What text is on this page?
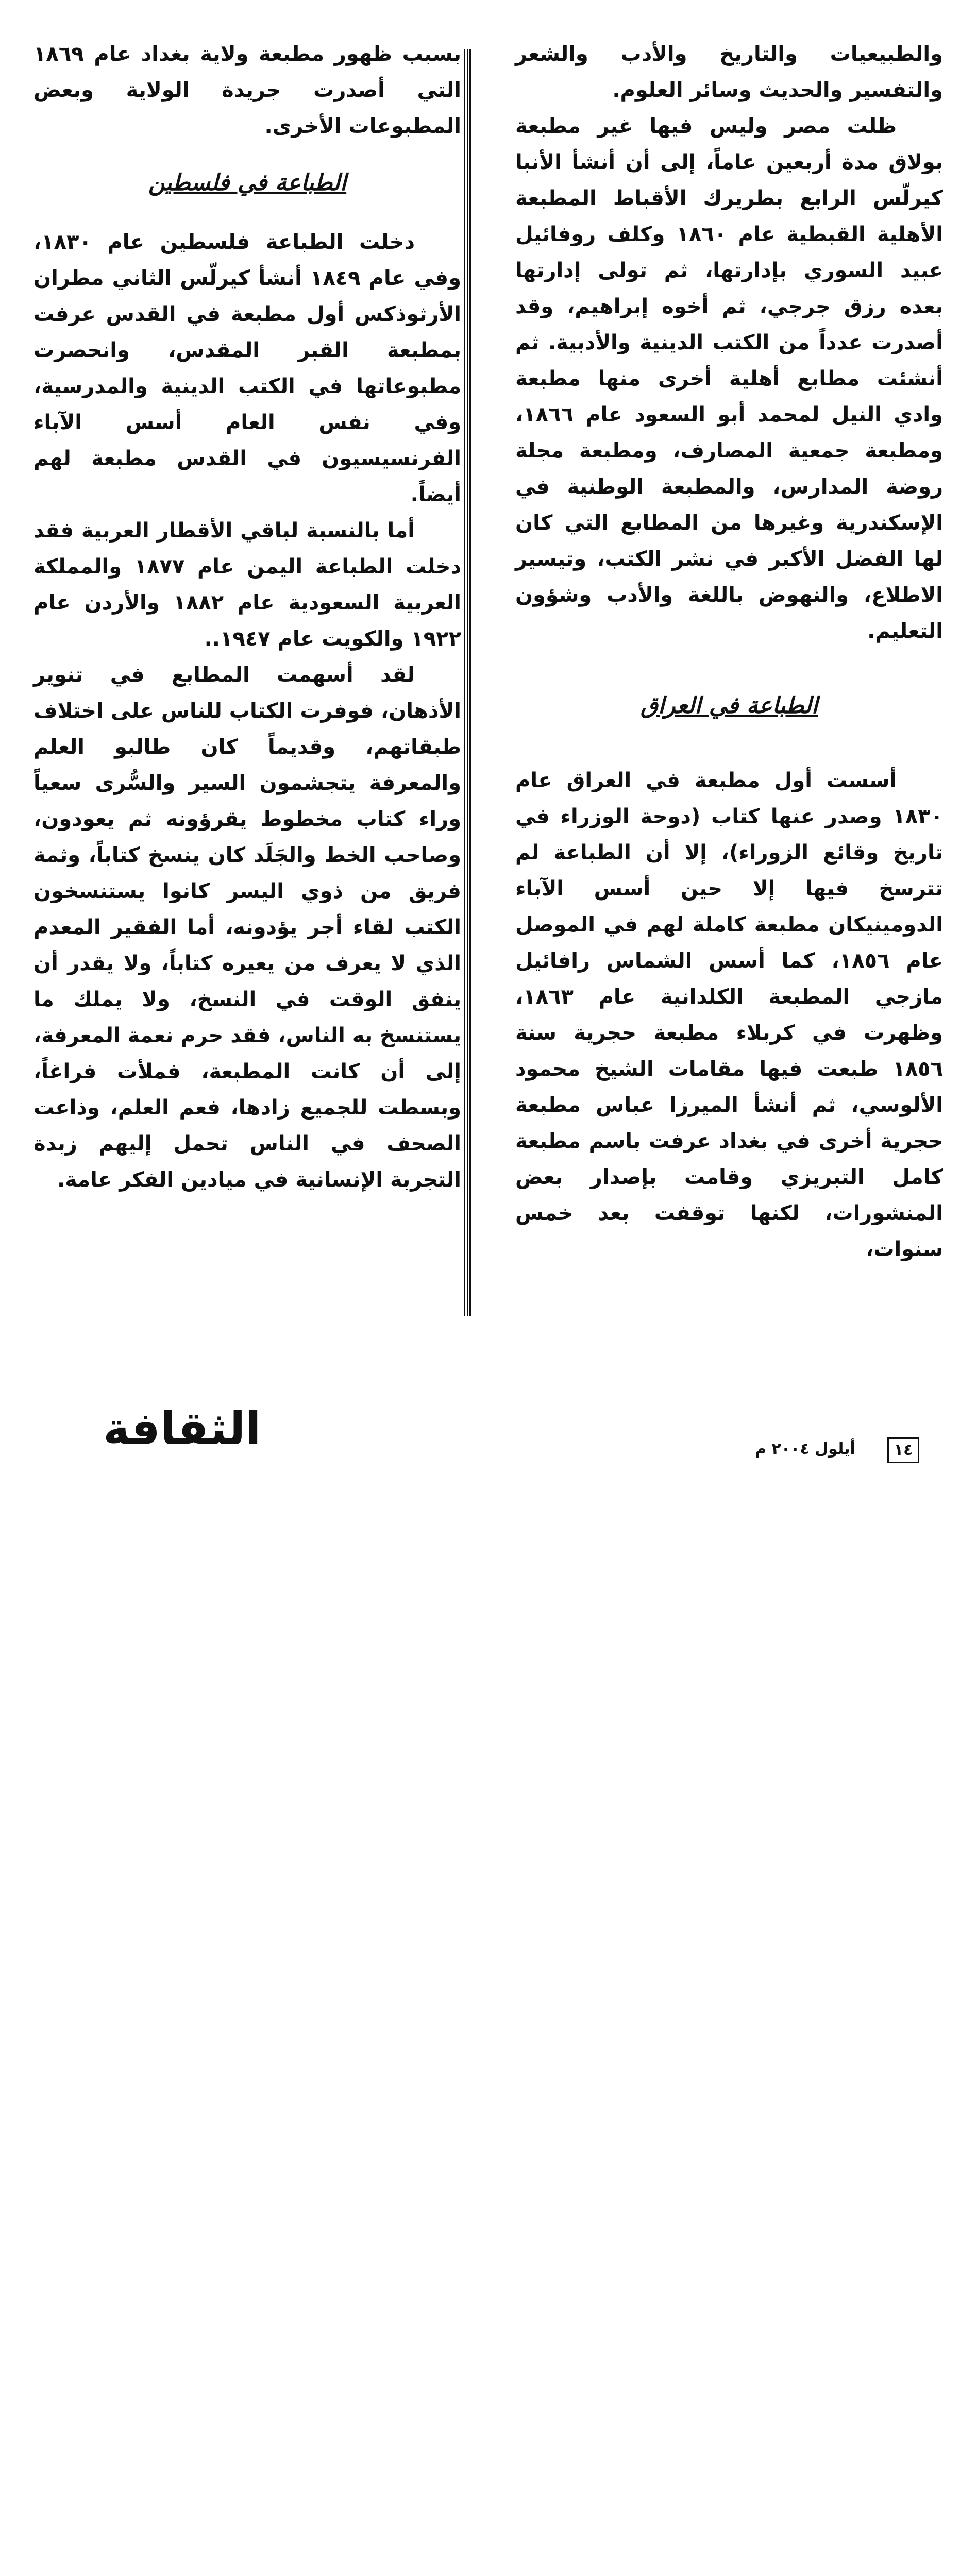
والطبيعيات والتاريخ والأدب والشعر والتفسير والحديث وسائر العلوم.

ظلت مصر وليس فيها غير مطبعة بولاق مدة أربعين عاماً، إلى أن أنشأ الأنبا كيرلّس الرابع بطريرك الأقباط المطبعة الأهلية القبطية عام ١٨٦٠ وكلف روفائيل عبيد السوري بإدارتها، ثم تولى إدارتها بعده رزق جرجي، ثم أخوه إبراهيم، وقد أصدرت عدداً من الكتب الدينية والأدبية. ثم أنشئت مطابع أهلية أخرى منها مطبعة وادي النيل لمحمد أبو السعود عام ١٨٦٦، ومطبعة جمعية المصارف، ومطبعة مجلة روضة المدارس، والمطبعة الوطنية في الإسكندرية وغيرها من المطابع التي كان لها الفضل الأكبر في نشر الكتب، وتيسير الاطلاع، والنهوض باللغة والأدب وشؤون التعليم.

الطباعة في العراق

أسست أول مطبعة في العراق عام ١٨٣٠ وصدر عنها كتاب (دوحة الوزراء في تاريخ وقائع الزوراء)، إلا أن الطباعة لم تترسخ فيها إلا حين أسس الآباء الدومينيكان مطبعة كاملة لهم في الموصل عام ١٨٥٦، كما أسس الشماس رافائيل مازجي المطبعة الكلدانية عام ١٨٦٣، وظهرت في كربلاء مطبعة حجرية سنة ١٨٥٦ طبعت فيها مقامات الشيخ محمود الألوسي، ثم أنشأ الميرزا عباس مطبعة حجرية أخرى في بغداد عرفت باسم مطبعة كامل التبريزي وقامت بإصدار بعض المنشورات، لكنها توقفت بعد خمس سنوات،

بسبب ظهور مطبعة ولاية بغداد عام ١٨٦٩ التي أصدرت جريدة الولاية وبعض المطبوعات الأخرى.

الطباعة في فلسطين

دخلت الطباعة فلسطين عام ١٨٣٠، وفي عام ١٨٤٩ أنشأ كيرلّس الثاني مطران الأرثوذكس أول مطبعة في القدس عرفت بمطبعة القبر المقدس، وانحصرت مطبوعاتها في الكتب الدينية والمدرسية، وفي نفس العام أسس الآباء الفرنسيسيون في القدس مطبعة لهم أيضاً.

أما بالنسبة لباقي الأقطار العربية فقد دخلت الطباعة اليمن عام ١٨٧٧ والمملكة العربية السعودية عام ١٨٨٢ والأردن عام ١٩٢٢ والكويت عام ١٩٤٧..

لقد أسهمت المطابع في تنوير الأذهان، فوفرت الكتاب للناس على اختلاف طبقاتهم، وقديماً كان طالبو العلم والمعرفة يتجشمون السير والسُّرى سعياً وراء كتاب مخطوط يقرؤونه ثم يعودون، وصاحب الخط والجَلَد كان ينسخ كتاباً، وثمة فريق من ذوي اليسر كانوا يستنسخون الكتب لقاء أجر يؤدونه، أما الفقير المعدم الذي لا يعرف من يعيره كتاباً، ولا يقدر أن ينفق الوقت في النسخ، ولا يملك ما يستنسخ به الناس، فقد حرم نعمة المعرفة، إلى أن كانت المطبعة، فملأت فراغاً، وبسطت للجميع زادها، فعم العلم، وذاعت الصحف في الناس تحمل إليهم زبدة التجربة الإنسانية في ميادين الفكر عامة.

الثقافة	أيلول ٢٠٠٤ م	١٤
